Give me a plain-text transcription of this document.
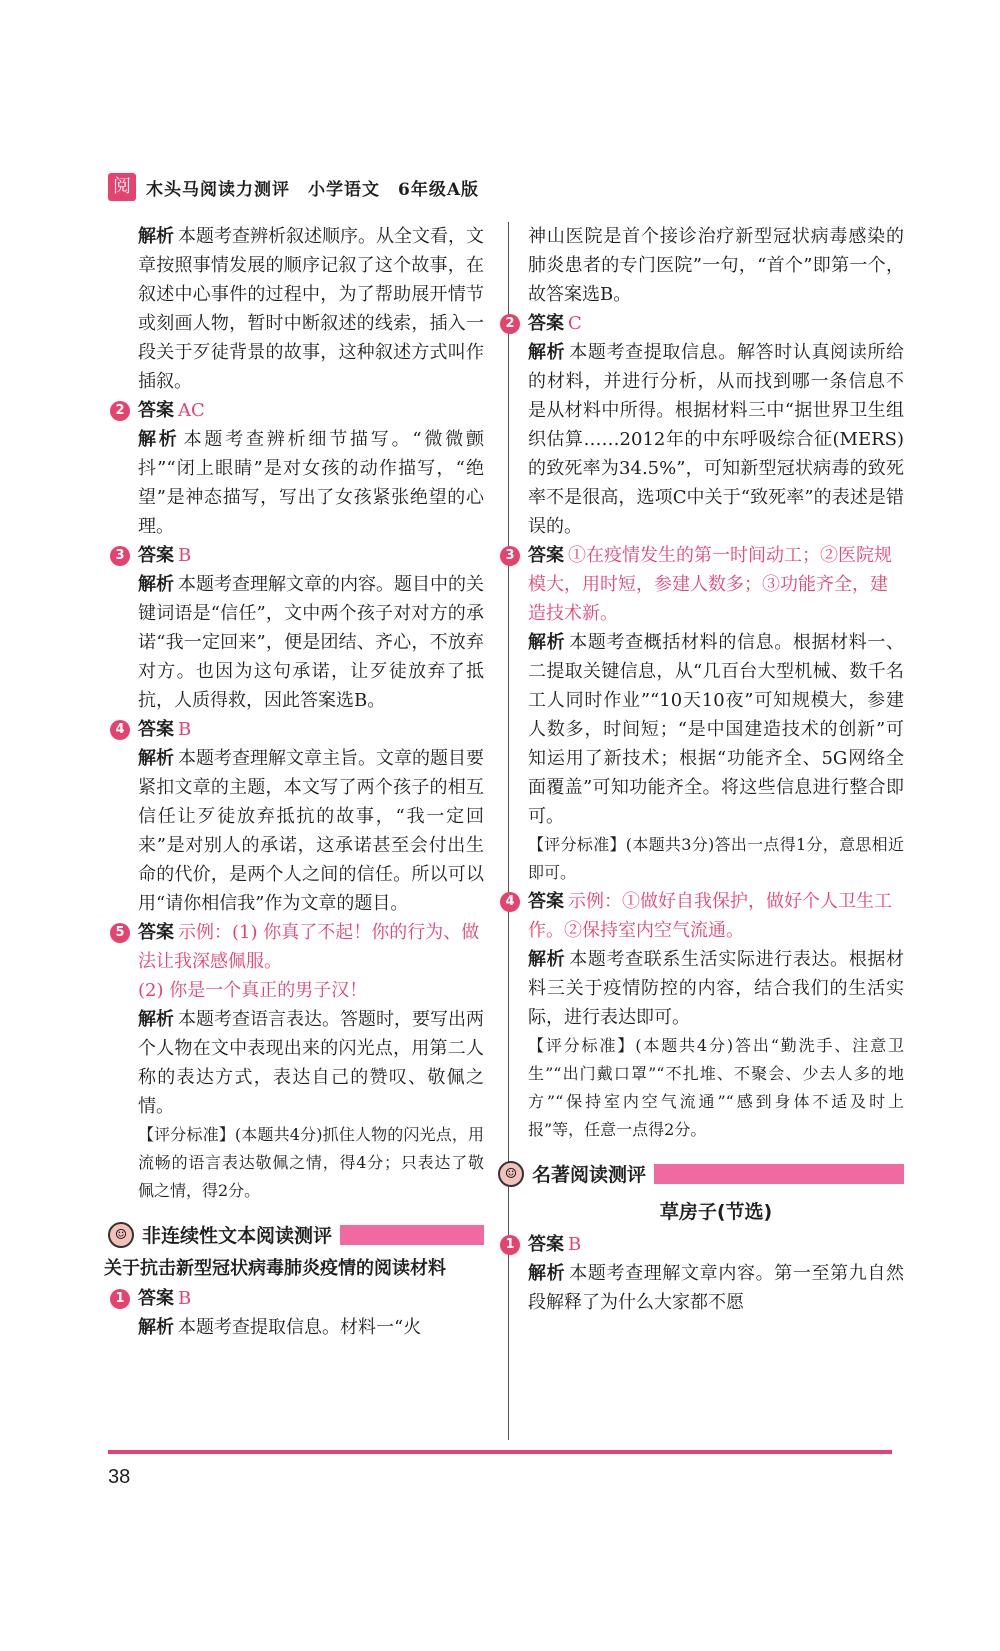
阅 木头马阅读力测评　小学语文　6年级A版

解析 本题考查辨析叙述顺序。从全文看，文章按照事情发展的顺序记叙了这个故事，在叙述中心事件的过程中，为了帮助展开情节或刻画人物，暂时中断叙述的线索，插入一段关于歹徒背景的故事，这种叙述方式叫作插叙。

2 答案 AC

解析 本题考查辨析细节描写。“微微颤抖”“闭上眼睛”是对女孩的动作描写，“绝望”是神态描写，写出了女孩紧张绝望的心理。

3 答案 B

解析 本题考查理解文章的内容。题目中的关键词语是“信任”，文中两个孩子对对方的承诺“我一定回来”，便是团结、齐心，不放弃对方。也因为这句承诺，让歹徒放弃了抵抗，人质得救，因此答案选B。

4 答案 B

解析 本题考查理解文章主旨。文章的题目要紧扣文章的主题，本文写了两个孩子的相互信任让歹徒放弃抵抗的故事，“我一定回来”是对别人的承诺，这承诺甚至会付出生命的代价，是两个人之间的信任。所以可以用“请你相信我”作为文章的题目。

5 答案 示例：(1) 你真了不起！你的行为、做法让我深感佩服。

(2) 你是一个真正的男子汉！

解析 本题考查语言表达。答题时，要写出两个人物在文中表现出来的闪光点，用第二人称的表达方式，表达自己的赞叹、敬佩之情。

【评分标准】(本题共4分)抓住人物的闪光点，用流畅的语言表达敬佩之情，得4分；只表达了敬佩之情，得2分。

☺ 非连续性文本阅读测评
关于抗击新型冠状病毒肺炎疫情的阅读材料
1 答案 B

解析 本题考查提取信息。材料一“火

神山医院是首个接诊治疗新型冠状病毒感染的肺炎患者的专门医院”一句，“首个”即第一个，故答案选B。

2 答案 C

解析 本题考查提取信息。解答时认真阅读所给的材料，并进行分析，从而找到哪一条信息不是从材料中所得。根据材料三中“据世界卫生组织估算……2012年的中东呼吸综合征(MERS)的致死率为34.5%”，可知新型冠状病毒的致死率不是很高，选项C中关于“致死率”的表述是错误的。

3 答案 ①在疫情发生的第一时间动工；②医院规模大，用时短，参建人数多；③功能齐全，建造技术新。

解析 本题考查概括材料的信息。根据材料一、二提取关键信息，从“几百台大型机械、数千名工人同时作业”“10天10夜”可知规模大，参建人数多，时间短；“是中国建造技术的创新”可知运用了新技术；根据“功能齐全、5G网络全面覆盖”可知功能齐全。将这些信息进行整合即可。

【评分标准】(本题共3分)答出一点得1分，意思相近即可。

4 答案 示例：①做好自我保护，做好个人卫生工作。②保持室内空气流通。

解析 本题考查联系生活实际进行表达。根据材料三关于疫情防控的内容，结合我们的生活实际，进行表达即可。

【评分标准】(本题共4分)答出“勤洗手、注意卫生”“出门戴口罩”“不扎堆、不聚会、少去人多的地方”“保持室内空气流通”“感到身体不适及时上报”等，任意一点得2分。

☺ 名著阅读测评
草房子(节选)
1 答案 B

解析 本题考查理解文章内容。第一至第九自然段解释了为什么大家都不愿

38
